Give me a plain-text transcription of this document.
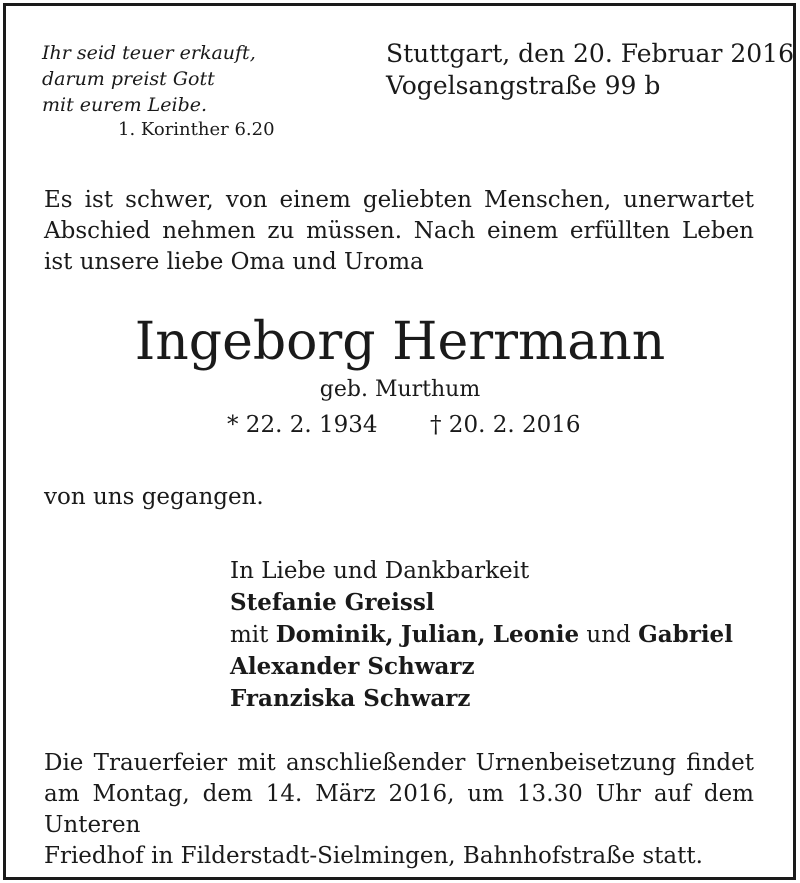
Ihr seid teuer erkauft,
darum preist Gott
mit eurem Leibe.
1. Korinther 6.20
Stuttgart, den 20. Februar 2016
Vogelsangstraße 99 b
Es ist schwer, von einem geliebten Menschen, unerwartet
Abschied nehmen zu müssen. Nach einem erfüllten Leben
ist unsere liebe Oma und Uroma
Ingeborg Herrmann
geb. Murthum
* 22. 2. 1934 † 20. 2. 2016
von uns gegangen.
In Liebe und Dankbarkeit
Stefanie Greissl
mit Dominik, Julian, Leonie und Gabriel
Alexander Schwarz
Franziska Schwarz
Die Trauerfeier mit anschließender Urnenbeisetzung findet
am Montag, dem 14. März 2016, um 13.30 Uhr auf dem Unteren
Friedhof in Filderstadt-Sielmingen, Bahnhofstraße statt.
